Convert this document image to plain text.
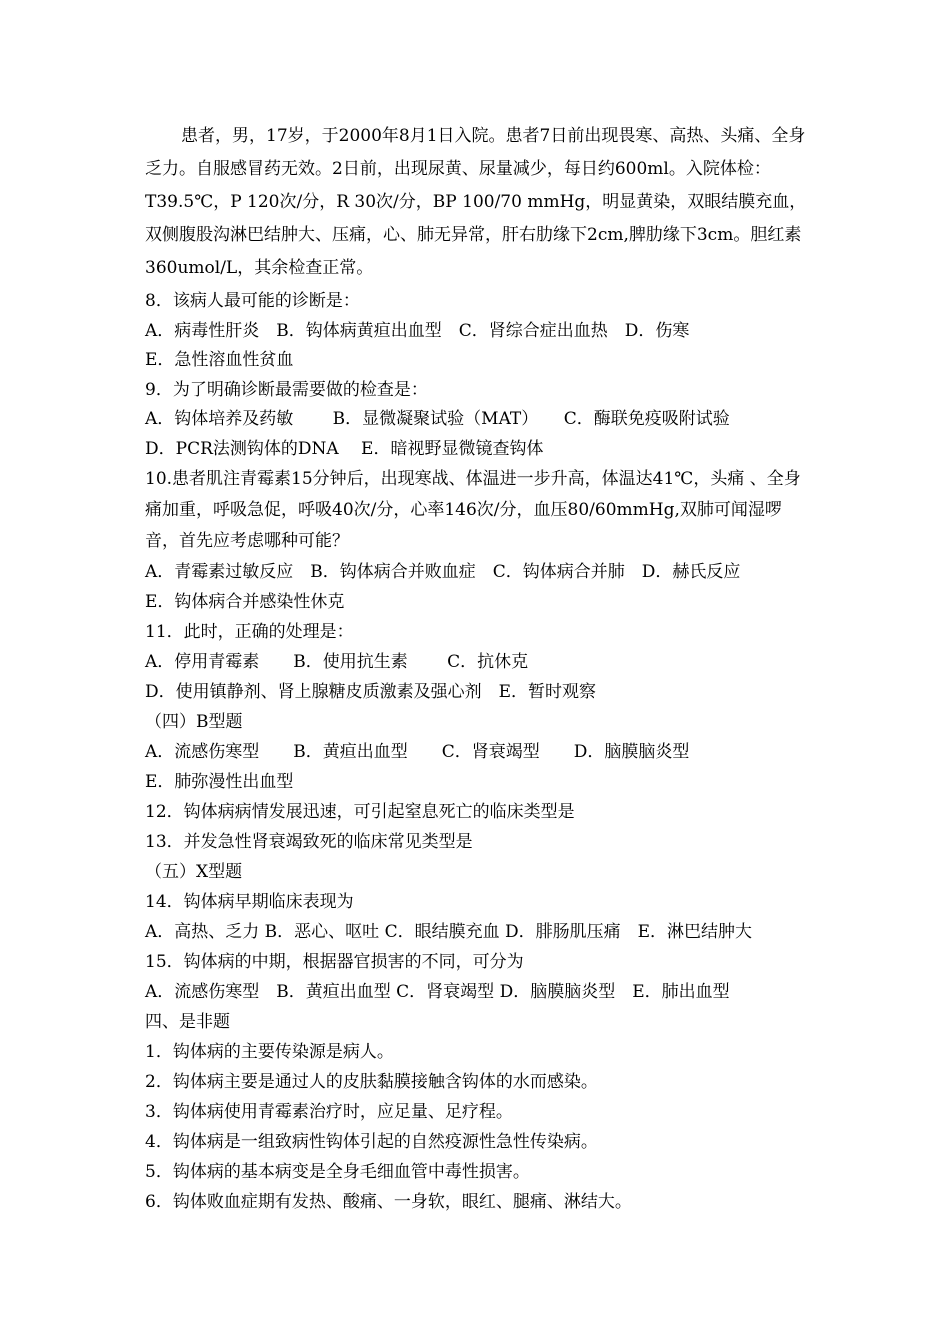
患者，男，17岁，于2000年8月1日入院。患者7日前出现畏寒、高热、头痛、全身乏力。自服感冒药无效。2日前，出现尿黄、尿量减少，每日约600ml。入院体检：T39.5℃，P 120次/分，R 30次/分，BP 100/70 mmHg，明显黄染，双眼结膜充血，双侧腹股沟淋巴结肿大、压痛，心、肺无异常，肝右肋缘下2cm,脾肋缘下3cm。胆红素360umol/L，其余检查正常。

8．该病人最可能的诊断是：
A．病毒性肝炎　B．钩体病黄疸出血型　C．肾综合症出血热　D．伤寒
E．急性溶血性贫血
9．为了明确诊断最需要做的检查是：
A．钩体培养及药敏　　 B．显微凝聚试验（MAT）　　C．酶联免疫吸附试验
D．PCR法测钩体的DNA　 E．暗视野显微镜查钩体

10.患者肌注青霉素15分钟后，出现寒战、体温进一步升高，体温达41℃，头痛 、全身痛加重，呼吸急促，呼吸40次/分，心率146次/分，血压80/60mmHg,双肺可闻湿啰音，首先应考虑哪种可能？

A．青霉素过敏反应　B．钩体病合并败血症　C．钩体病合并肺　D．赫氏反应
E．钩体病合并感染性休克
11．此时，正确的处理是：
A．停用青霉素　　B．使用抗生素　　 C．抗休克
D．使用镇静剂、肾上腺糖皮质激素及强心剂　E．暂时观察
（四）B型题
A．流感伤寒型　　B．黄疸出血型　　C．肾衰竭型　　D．脑膜脑炎型
E．肺弥漫性出血型
12．钩体病病情发展迅速，可引起窒息死亡的临床类型是
13．并发急性肾衰竭致死的临床常见类型是
（五）X型题
14．钩体病早期临床表现为
A．高热、乏力 B．恶心、呕吐 C．眼结膜充血 D．腓肠肌压痛　E．淋巴结肿大
15．钩体病的中期，根据器官损害的不同，可分为
A．流感伤寒型　B．黄疸出血型 C．肾衰竭型 D．脑膜脑炎型　E．肺出血型
四、是非题
1．钩体病的主要传染源是病人。
2．钩体病主要是通过人的皮肤黏膜接触含钩体的水而感染。
3．钩体病使用青霉素治疗时，应足量、足疗程。
4．钩体病是一组致病性钩体引起的自然疫源性急性传染病。
5．钩体病的基本病变是全身毛细血管中毒性损害。
6．钩体败血症期有发热、酸痛、一身软，眼红、腿痛、淋结大。
